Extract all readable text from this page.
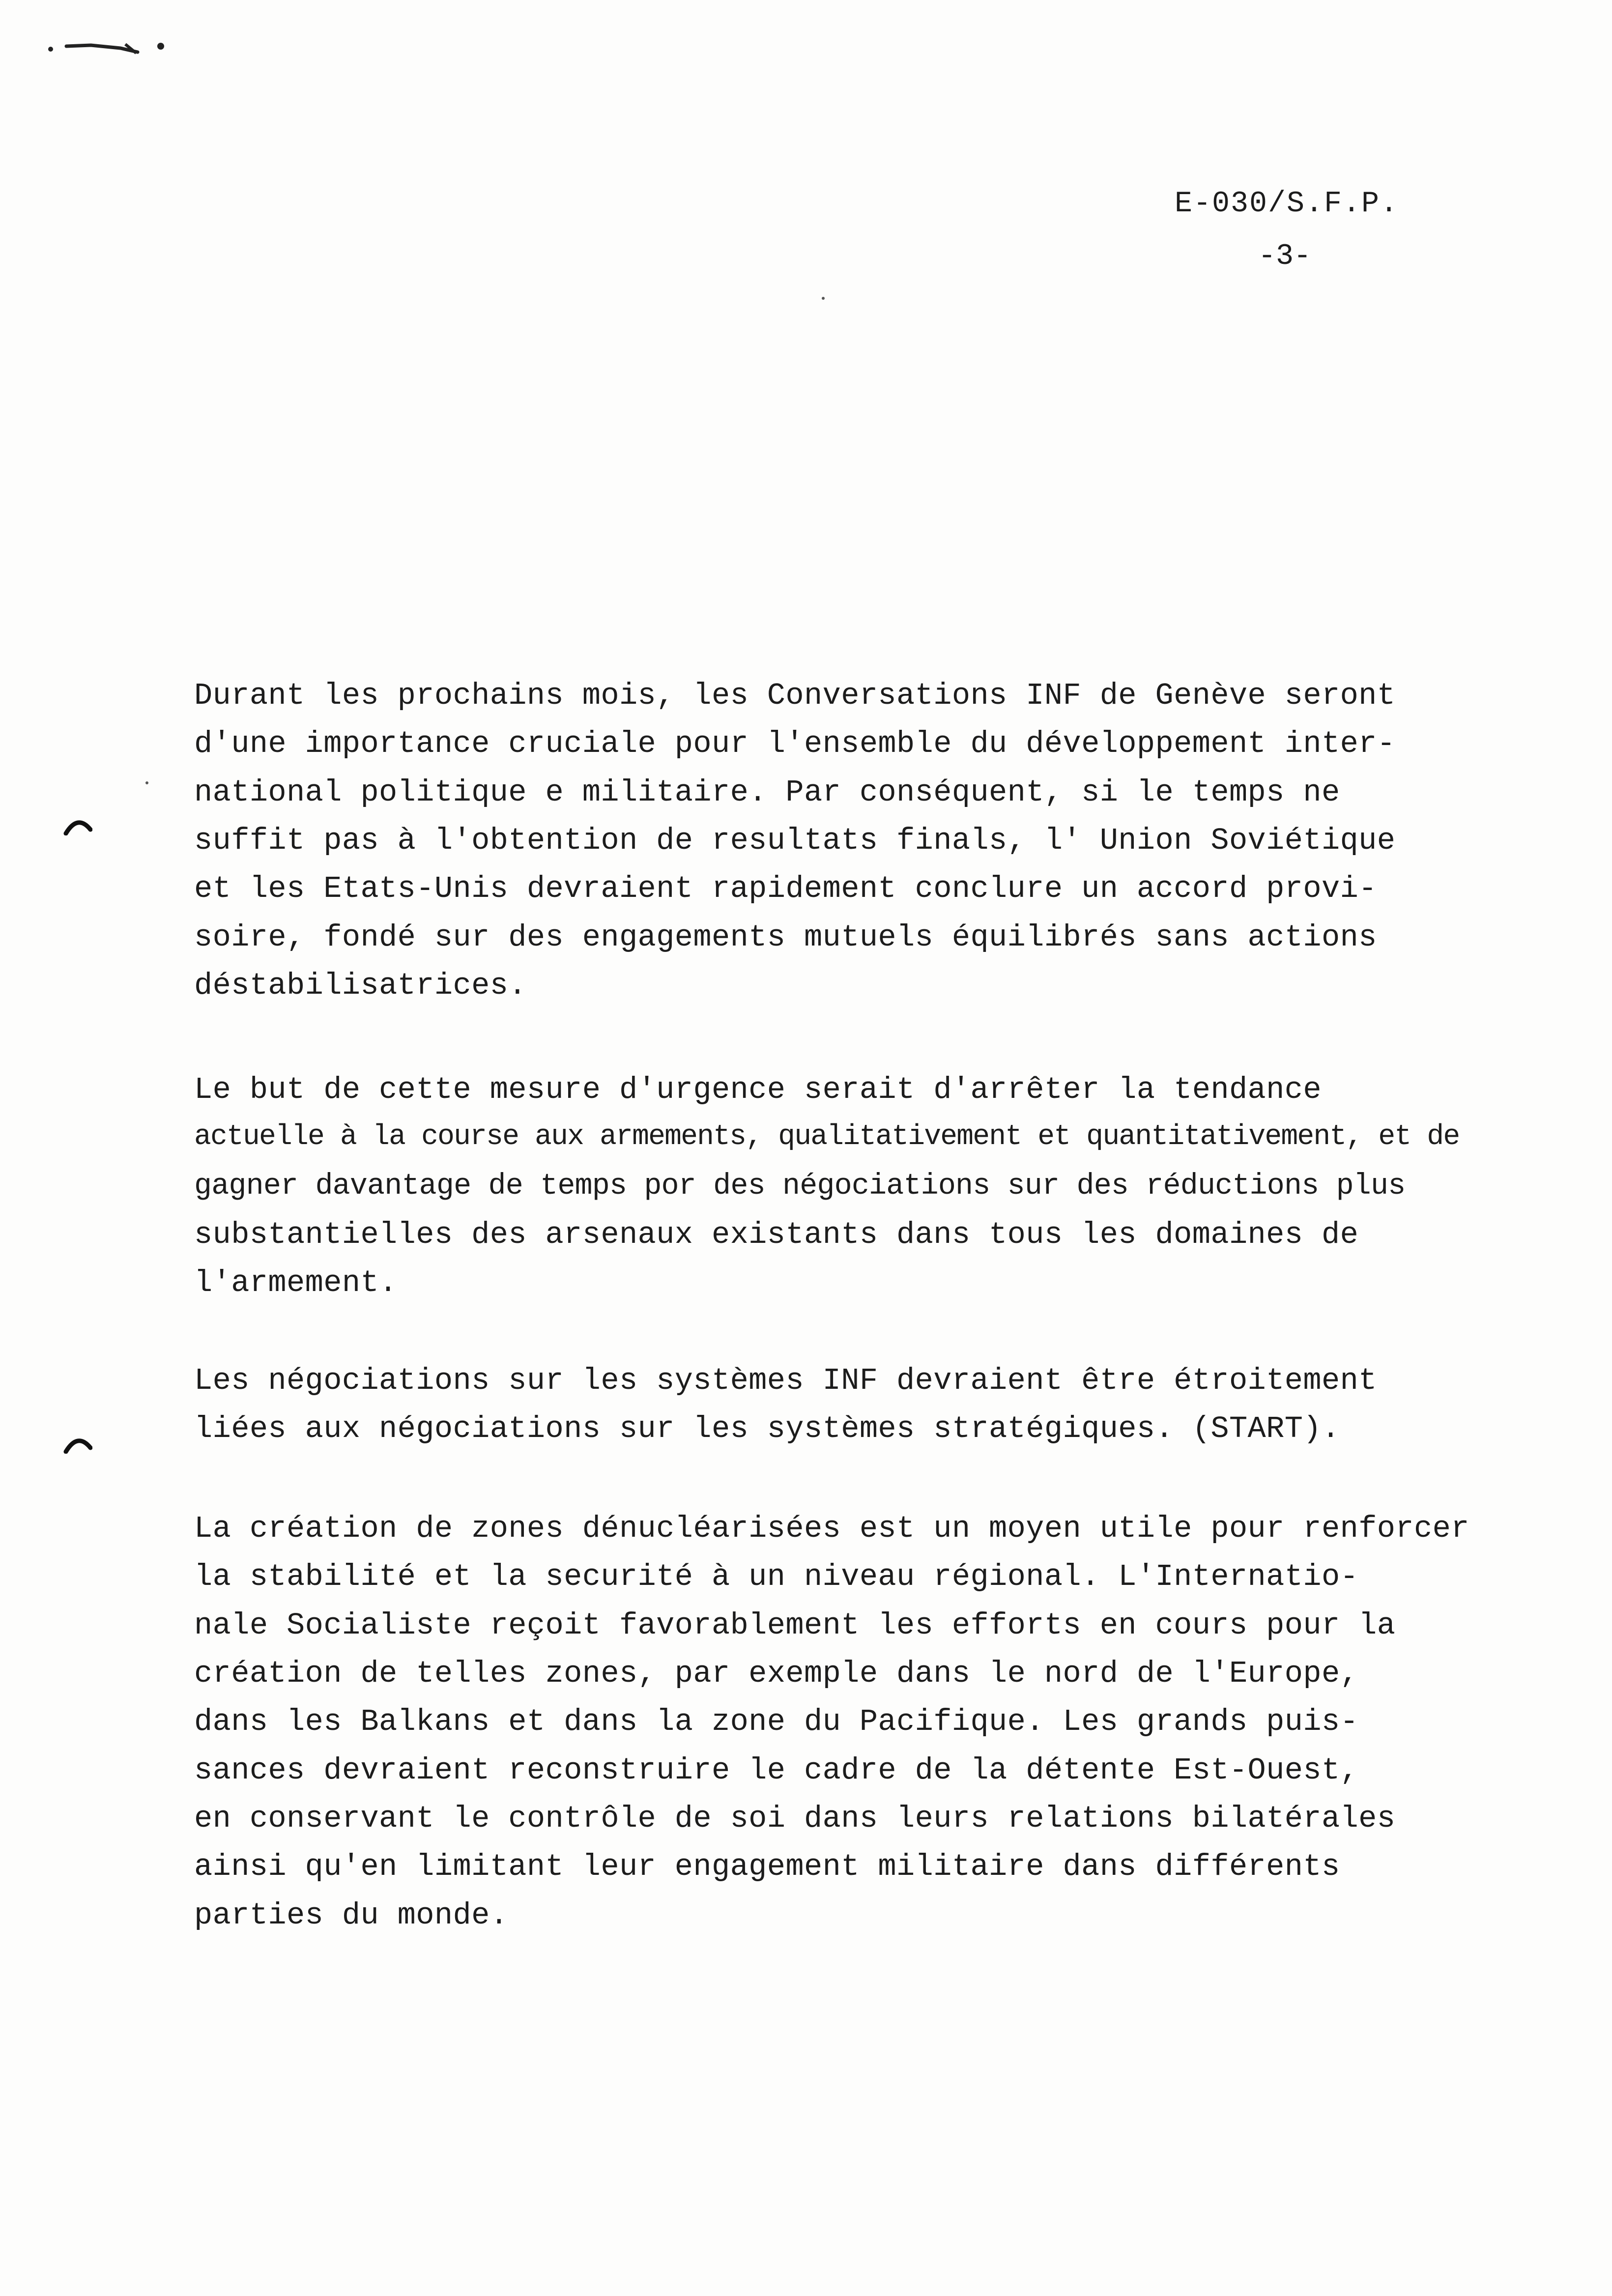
E-030/S.F.P.
-3-
Durant les prochains mois, les Conversations INF de Genève seront
d'une importance cruciale pour l'ensemble du développement inter-
national politique e militaire. Par conséquent, si le temps ne
suffit pas à l'obtention de resultats finals, l' Union Soviétique
et les Etats-Unis devraient rapidement conclure un accord provi-
soire, fondé sur des engagements mutuels équilibrés sans actions
déstabilisatrices.
Le but de cette mesure d'urgence serait d'arrêter la tendance
actuelle à la course aux armements, qualitativement et quantitativement, et de
gagner davantage de temps por des négociations sur des réductions plus
substantielles des arsenaux existants dans tous les domaines de
l'armement.
Les négociations sur les systèmes INF devraient être étroitement
liées aux négociations sur les systèmes stratégiques. (START).
La création de zones dénucléarisées est un moyen utile pour renforcer
la stabilité et la securité à un niveau régional. L'Internatio-
nale Socialiste reçoit favorablement les efforts en cours pour la
création de telles zones, par exemple dans le nord de l'Europe,
dans les Balkans et dans la zone du Pacifique. Les grands puis-
sances devraient reconstruire le cadre de la détente Est-Ouest,
en conservant le contrôle de soi dans leurs relations bilatérales
ainsi qu'en limitant leur engagement militaire dans différents
parties du monde.
